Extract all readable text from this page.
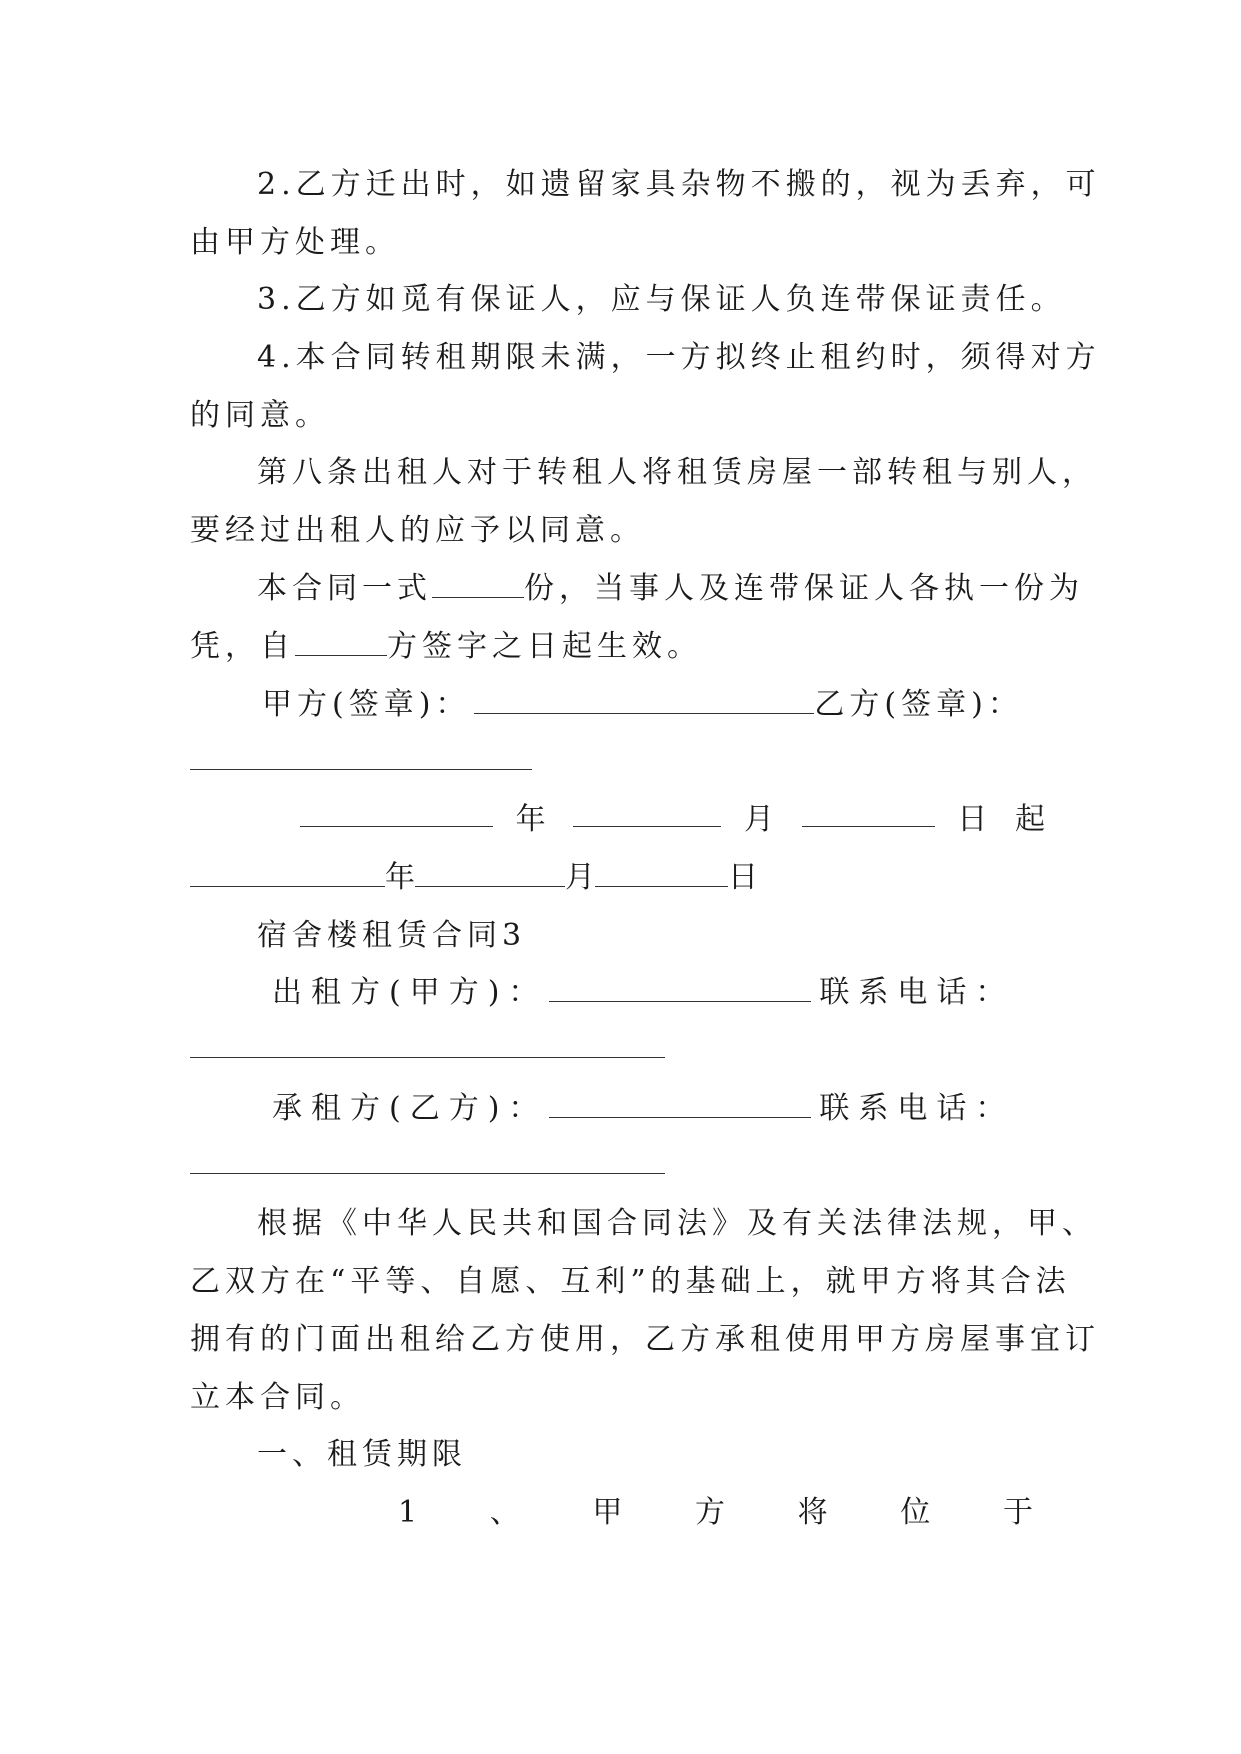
2.乙方迁出时，如遗留家具杂物不搬的，视为丢弃，可
由甲方处理。
3.乙方如觅有保证人，应与保证人负连带保证责任。
4.本合同转租期限未满，一方拟终止租约时，须得对方
的同意。
第八条出租人对于转租人将租赁房屋一部转租与别人，
要经过出租人的应予以同意。
本合同一式	份，当事人及连带保证人各执一份为
凭，自	方签字之日起生效。
甲方(签章)：	乙方(签章)：
年	月	日 起
年	月	日
宿舍楼租赁合同3
出租方(甲方)：	联系电话：
承租方(乙方)：	联系电话：
根据《中华人民共和国合同法》及有关法律法规，甲、
乙双方在“平等、自愿、互利”的基础上，就甲方将其合法
拥有的门面出租给乙方使用，乙方承租使用甲方房屋事宜订
立本合同。
一、租赁期限
1 、 甲 方 将 位 于
